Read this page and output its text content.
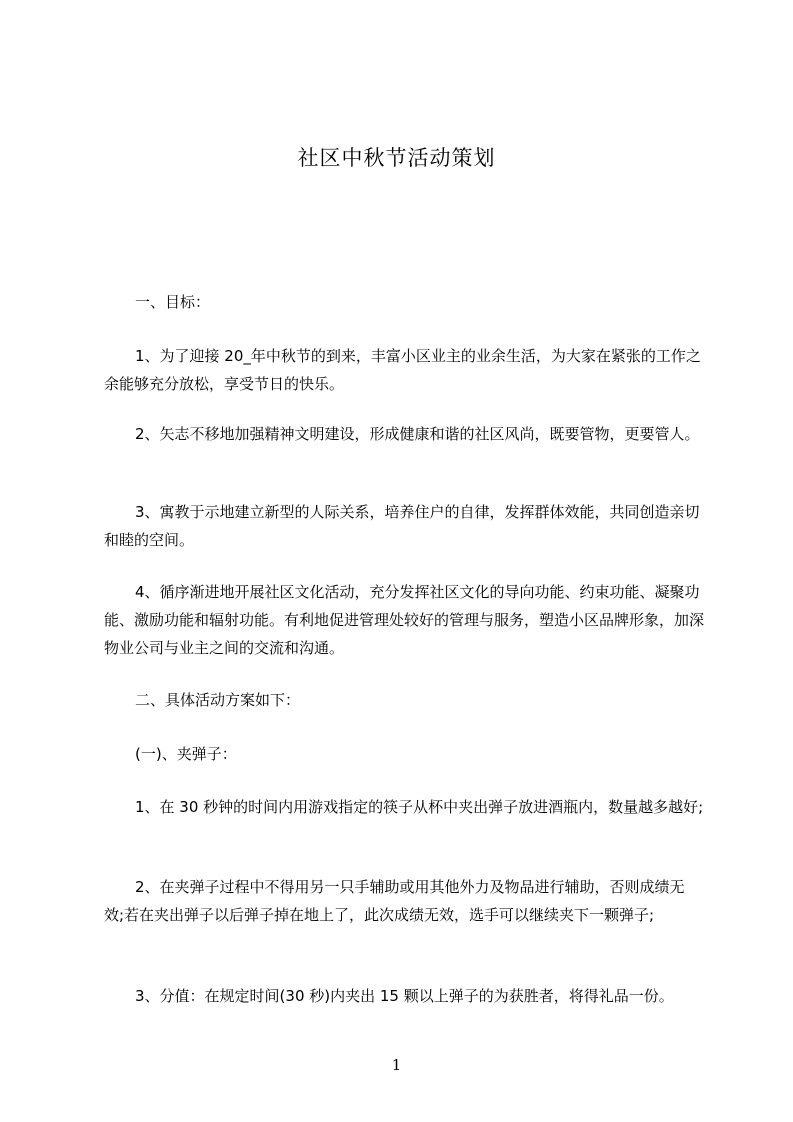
社区中秋节活动策划

一、目标：

1、为了迎接 20_年中秋节的到来，丰富小区业主的业余生活，为大家在紧张的工作之余能够充分放松，享受节日的快乐。

2、矢志不移地加强精神文明建设，形成健康和谐的社区风尚，既要管物，更要管人。

3、寓教于示地建立新型的人际关系，培养住户的自律，发挥群体效能，共同创造亲切和睦的空间。

4、循序渐进地开展社区文化活动，充分发挥社区文化的导向功能、约束功能、凝聚功能、激励功能和辐射功能。有利地促进管理处较好的管理与服务，塑造小区品牌形象，加深物业公司与业主之间的交流和沟通。

二、具体活动方案如下：

(一)、夹弹子：

1、在 30 秒钟的时间内用游戏指定的筷子从杯中夹出弹子放进酒瓶内，数量越多越好;

2、在夹弹子过程中不得用另一只手辅助或用其他外力及物品进行辅助，否则成绩无效;若在夹出弹子以后弹子掉在地上了，此次成绩无效，选手可以继续夹下一颗弹子;

3、分值：在规定时间(30 秒)内夹出 15 颗以上弹子的为获胜者，将得礼品一份。

1
